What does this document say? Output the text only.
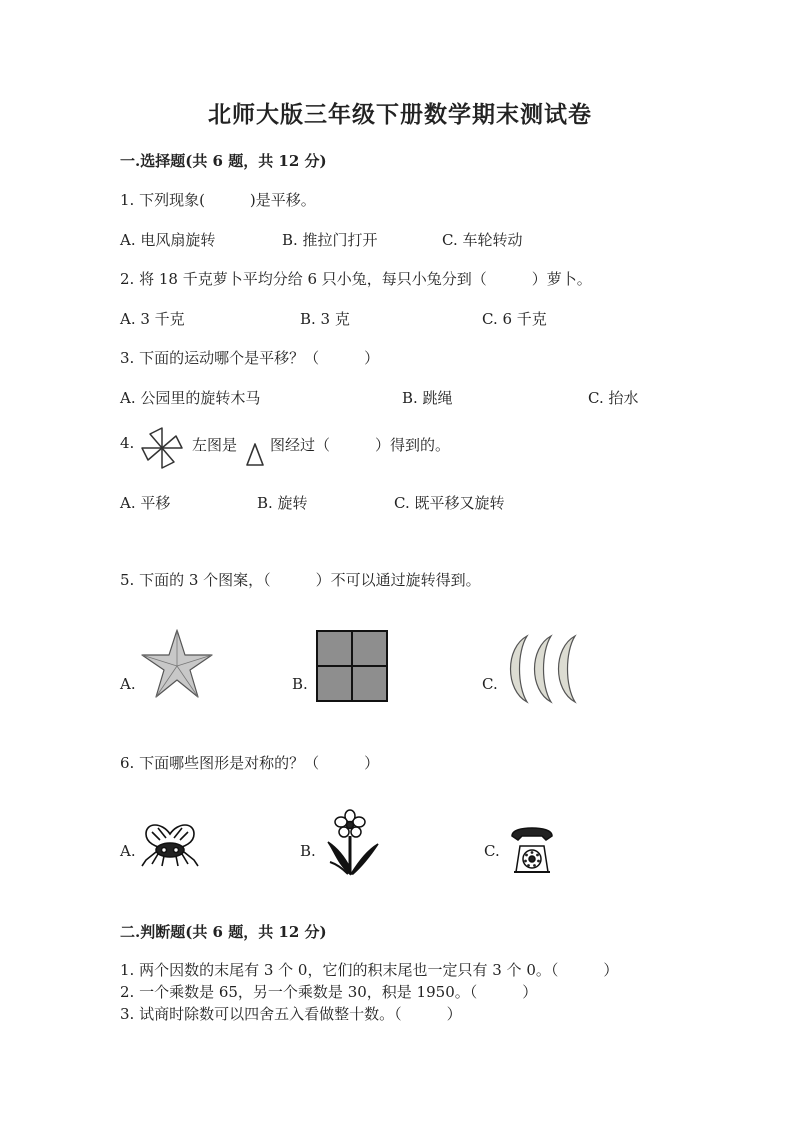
北师大版三年级下册数学期末测试卷
一.选择题(共 6 题，共 12 分)
1. 下列现象(　　　)是平移。
A. 电风扇旋转	B. 推拉门打开	C. 车轮转动
2. 将 18 千克萝卜平均分给 6 只小兔，每只小兔分到（　　　）萝卜。
A. 3 千克	B. 3 克	C. 6 千克
3. 下面的运动哪个是平移？（　　　）
A. 公园里的旋转木马	B. 跳绳	C. 抬水
4.	左图是 图经过（　　　）得到的。
A. 平移	B. 旋转	C. 既平移又旋转
5. 下面的 3 个图案，（　　　）不可以通过旋转得到。
A.	B.	C.
6. 下面哪些图形是对称的？（　　　）
A.	B.	C.
二.判断题(共 6 题，共 12 分)
1. 两个因数的末尾有 3 个 0，它们的积末尾也一定只有 3 个 0。（　　　）
2. 一个乘数是 65，另一个乘数是 30，积是 1950。（　　　）
3. 试商时除数可以四舍五入看做整十数。（　　　）
